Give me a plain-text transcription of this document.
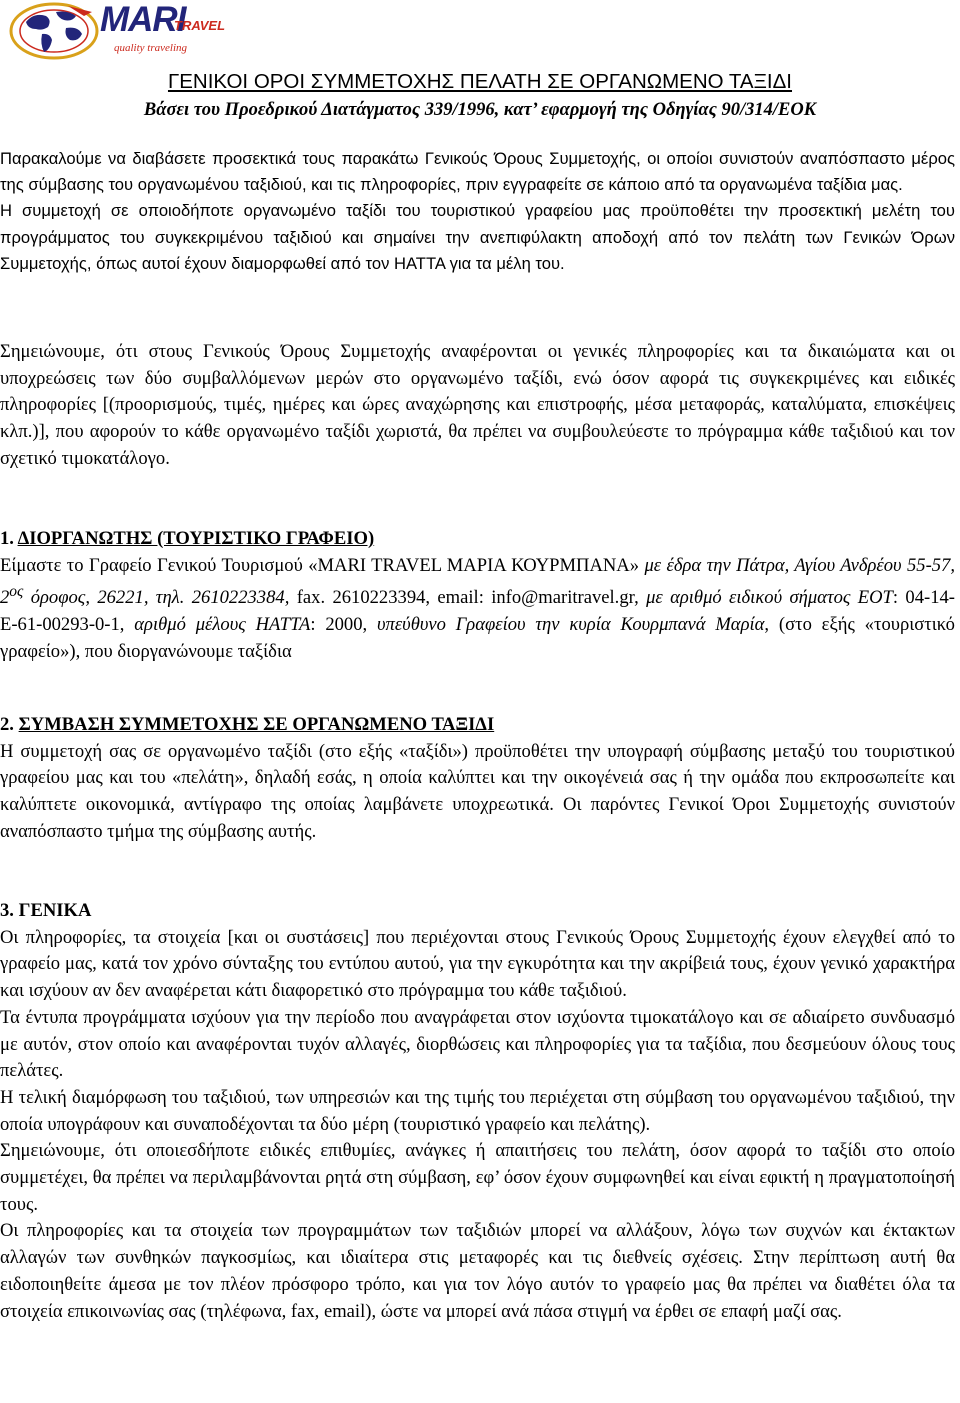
MARI
TRAVEL
quality traveling
ΓΕΝΙΚΟΙ ΟΡΟΙ ΣΥΜΜΕΤΟΧΗΣ ΠΕΛΑΤΗ ΣΕ ΟΡΓΑΝΩΜΕΝΟ ΤΑΞΙΔΙ
Βάσει του Προεδρικού Διατάγματος 339/1996, κατ’ εφαρμογή της Οδηγίας 90/314/ΕΟΚ

Παρακαλούμε να διαβάσετε προσεκτικά τους παρακάτω Γενικούς Όρους Συμμετοχής, οι οποίοι συνιστούν αναπόσπαστο μέρος της σύμβασης του οργανωμένου ταξιδιού, και τις πληροφορίες, πριν εγγραφείτε σε κάποιο από τα οργανωμένα ταξίδια μας.

Η συμμετοχή σε οποιοδήποτε οργανωμένο ταξίδι του τουριστικού γραφείου μας προϋποθέτει την προσεκτική μελέτη του προγράμματος του συγκεκριμένου ταξιδιού και σημαίνει την ανεπιφύλακτη αποδοχή από τον πελάτη των Γενικών Όρων Συμμετοχής, όπως αυτοί έχουν διαμορφωθεί από τον ΗΑΤΤΑ για τα μέλη του.

Σημειώνουμε, ότι στους Γενικούς Όρους Συμμετοχής αναφέρονται οι γενικές πληροφορίες και τα δικαιώματα και οι υποχρεώσεις των δύο συμβαλλόμενων μερών στο οργανωμένο ταξίδι, ενώ όσον αφορά τις συγκεκριμένες και ειδικές πληροφορίες [(προορισμούς, τιμές, ημέρες και ώρες αναχώρησης και επιστροφής, μέσα μεταφοράς, καταλύματα, επισκέψεις κλπ.)], που αφορούν το κάθε οργανωμένο ταξίδι χωριστά, θα πρέπει να συμβουλεύεστε το πρόγραμμα κάθε ταξιδιού και τον σχετικό τιμοκατάλογο.

1. ΔΙΟΡΓΑΝΩΤΗΣ (ΤΟΥΡΙΣΤΙΚΟ ΓΡΑΦΕΙΟ)

Είμαστε το Γραφείο Γενικού Τουρισμού «MARI TRAVEL ΜΑΡΙΑ ΚΟΥΡΜΠΑΝΑ» με έδρα την Πάτρα, Αγίου Ανδρέου 55-57, $2^{o\varsigma}$ όροφος, 26221, τηλ. 2610223384, fax. 2610223394, email: info@maritravel.gr, με αριθμό ειδικού σήματος ΕΟΤ: 04-14-Ε-61-00293-0-1, αριθμό μέλους ΗΑΤΤΑ: 2000, υπεύθυνο Γραφείου την κυρία Κουρμπανά Μαρία, (στο εξής «τουριστικό γραφείο»), που διοργανώνουμε ταξίδια

2. ΣΥΜΒΑΣΗ ΣΥΜΜΕΤΟΧΗΣ ΣΕ ΟΡΓΑΝΩΜΕΝΟ ΤΑΞΙΔΙ

Η συμμετοχή σας σε οργανωμένο ταξίδι (στο εξής «ταξίδι») προϋποθέτει την υπογραφή σύμβασης μεταξύ του τουριστικού γραφείου μας και του «πελάτη», δηλαδή εσάς, η οποία καλύπτει και την οικογένειά σας ή την ομάδα που εκπροσωπείτε και καλύπτετε οικονομικά, αντίγραφο της οποίας λαμβάνετε υποχρεωτικά. Οι παρόντες Γενικοί Όροι Συμμετοχής συνιστούν αναπόσπαστο τμήμα της σύμβασης αυτής.

3. ΓΕΝΙΚΑ

Οι πληροφορίες, τα στοιχεία [και οι συστάσεις] που περιέχονται στους Γενικούς Όρους Συμμετοχής έχουν ελεγχθεί από το γραφείο μας, κατά τον χρόνο σύνταξης του εντύπου αυτού, για την εγκυρότητα και την ακρίβειά τους, έχουν γενικό χαρακτήρα και ισχύουν αν δεν αναφέρεται κάτι διαφορετικό στο πρόγραμμα του κάθε ταξιδιού.

Τα έντυπα προγράμματα ισχύουν για την περίοδο που αναγράφεται στον ισχύοντα τιμοκατάλογο και σε αδιαίρετο συνδυασμό με αυτόν, στον οποίο και αναφέρονται τυχόν αλλαγές, διορθώσεις και πληροφορίες για τα ταξίδια, που δεσμεύουν όλους τους πελάτες.

Η τελική διαμόρφωση του ταξιδιού, των υπηρεσιών και της τιμής του περιέχεται στη σύμβαση του οργανωμένου ταξιδιού, την οποία υπογράφουν και συναποδέχονται τα δύο μέρη (τουριστικό γραφείο και πελάτης).

Σημειώνουμε, ότι οποιεσδήποτε ειδικές επιθυμίες, ανάγκες ή απαιτήσεις του πελάτη, όσον αφορά το ταξίδι στο οποίο συμμετέχει, θα πρέπει να περιλαμβάνονται ρητά στη σύμβαση, εφ’ όσον έχουν συμφωνηθεί και είναι εφικτή η πραγματοποίησή τους.

Οι πληροφορίες και τα στοιχεία των προγραμμάτων των ταξιδιών μπορεί να αλλάξουν, λόγω των συχνών και έκτακτων αλλαγών των συνθηκών παγκοσμίως, και ιδιαίτερα στις μεταφορές και τις διεθνείς σχέσεις. Στην περίπτωση αυτή θα ειδοποιηθείτε άμεσα με τον πλέον πρόσφορο τρόπο, και για τον λόγο αυτόν το γραφείο μας θα πρέπει να διαθέτει όλα τα στοιχεία επικοινωνίας σας (τηλέφωνα, fax, email), ώστε να μπορεί ανά πάσα στιγμή να έρθει σε επαφή μαζί σας.
